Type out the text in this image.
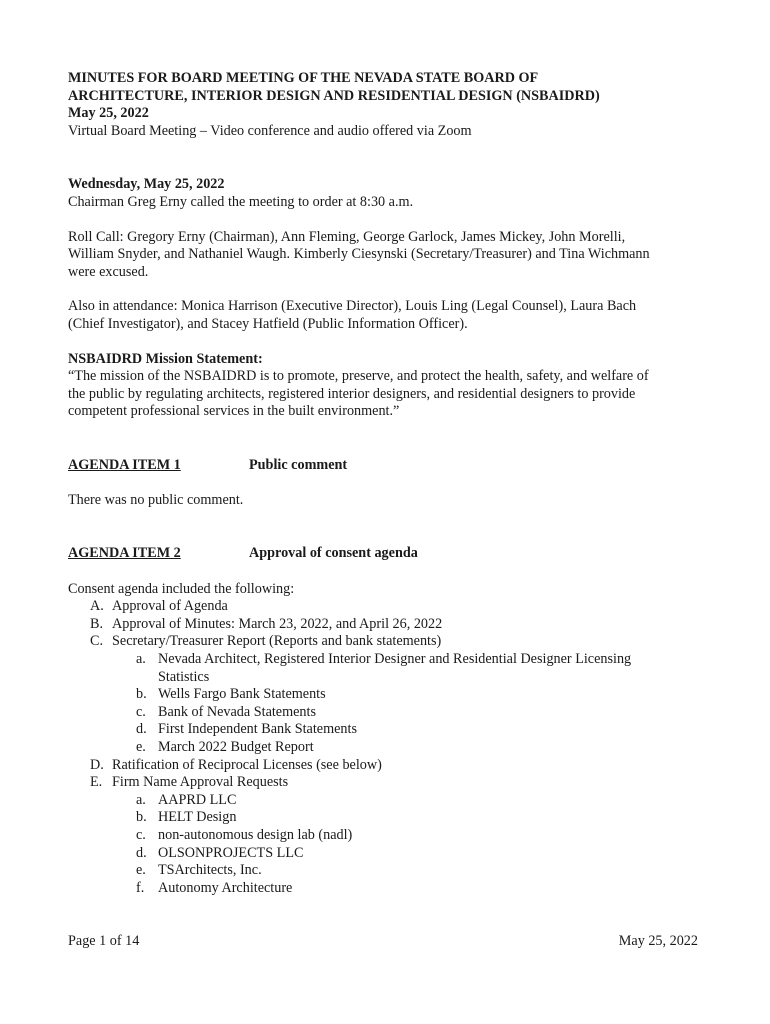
MINUTES FOR BOARD MEETING OF THE NEVADA STATE BOARD OF
ARCHITECTURE, INTERIOR DESIGN AND RESIDENTIAL DESIGN (NSBAIDRD)
May 25, 2022
Virtual Board Meeting – Video conference and audio offered via Zoom
Wednesday, May 25, 2022
Chairman Greg Erny called the meeting to order at 8:30 a.m.
Roll Call: Gregory Erny (Chairman), Ann Fleming, George Garlock, James Mickey, John Morelli,
William Snyder, and Nathaniel Waugh. Kimberly Ciesynski (Secretary/Treasurer) and Tina Wichmann
were excused.
Also in attendance: Monica Harrison (Executive Director), Louis Ling (Legal Counsel), Laura Bach
(Chief Investigator), and Stacey Hatfield (Public Information Officer).
NSBAIDRD Mission Statement:
“The mission of the NSBAIDRD is to promote, preserve, and protect the health, safety, and welfare of
the public by regulating architects, registered interior designers, and residential designers to provide
competent professional services in the built environment.”
AGENDA ITEM 1	Public comment
There was no public comment.
AGENDA ITEM 2	Approval of consent agenda
Consent agenda included the following:
A. Approval of Agenda
B. Approval of Minutes: March 23, 2022, and April 26, 2022
C. Secretary/Treasurer Report (Reports and bank statements)
a. Nevada Architect, Registered Interior Designer and Residential Designer Licensing
Statistics
b. Wells Fargo Bank Statements
c. Bank of Nevada Statements
d. First Independent Bank Statements
e. March 2022 Budget Report
D. Ratification of Reciprocal Licenses (see below)
E. Firm Name Approval Requests
a. AAPRD LLC
b. HELT Design
c. non-autonomous design lab (nadl)
d. OLSONPROJECTS LLC
e. TSArchitects, Inc.
f. Autonomy Architecture
Page 1 of 14	May 25, 2022
